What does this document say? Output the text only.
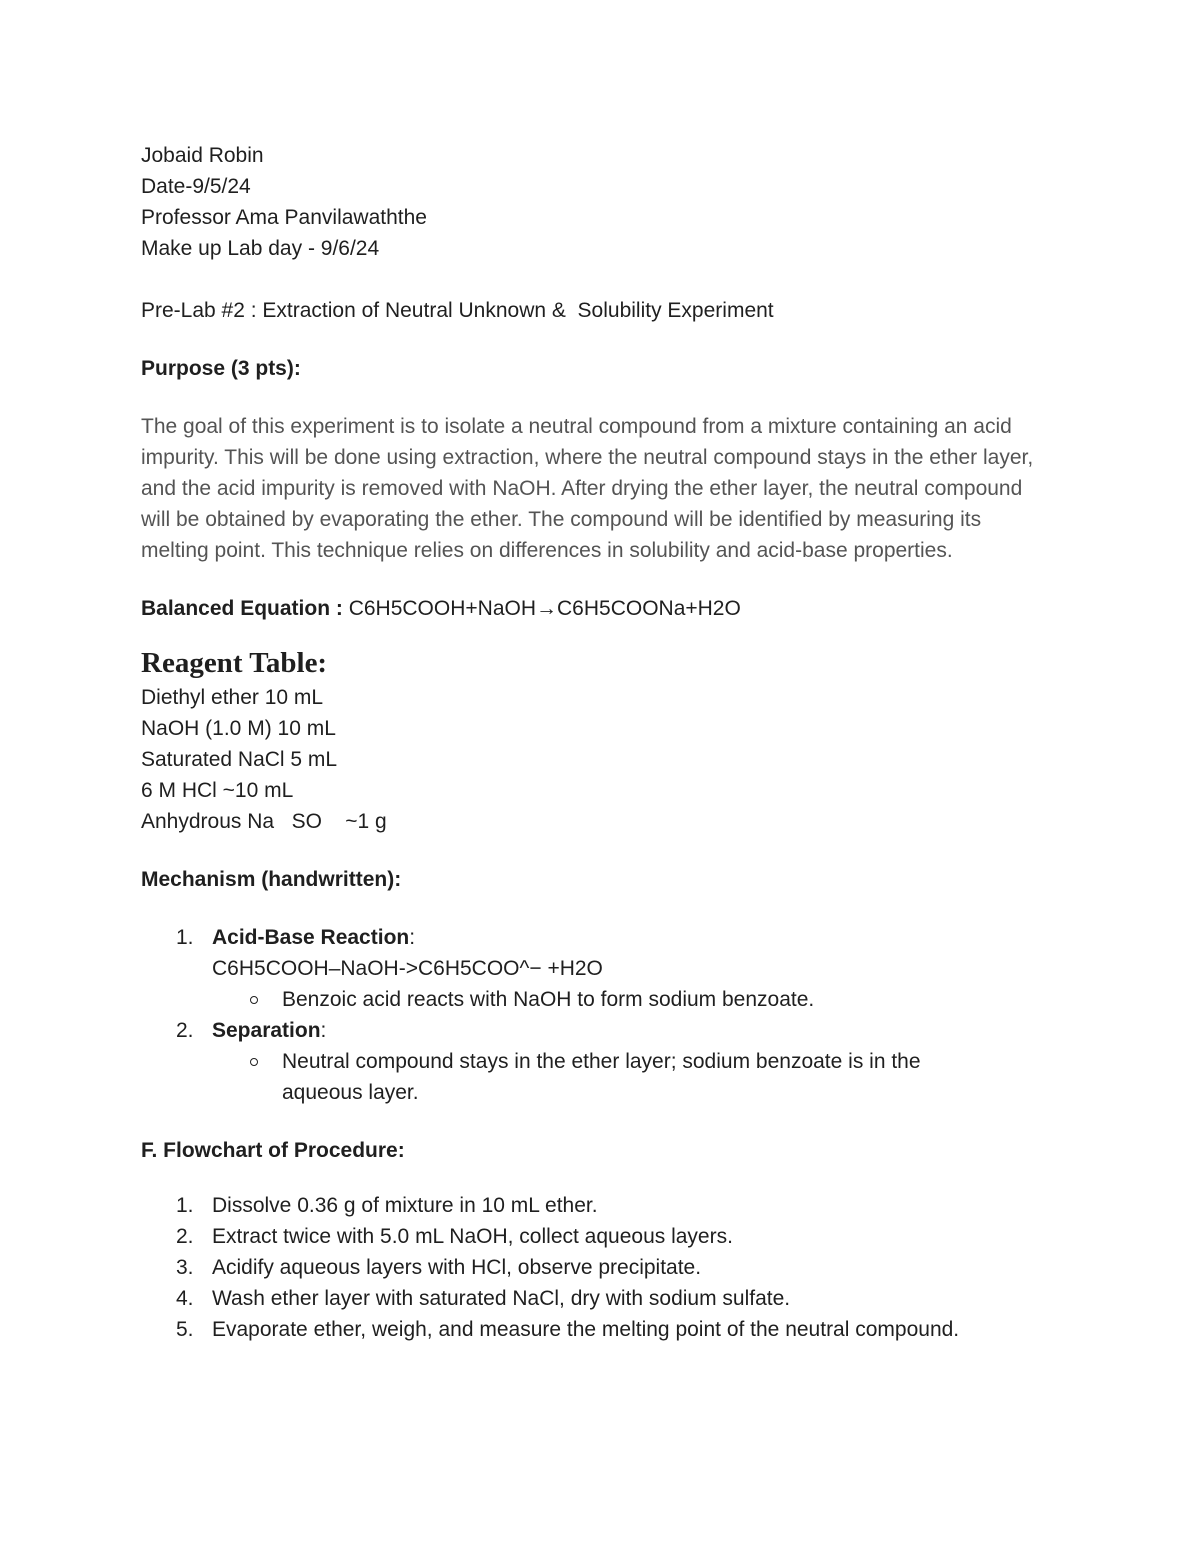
Jobaid Robin
Date-9/5/24
Professor Ama Panvilawaththe
Make up Lab day - 9/6/24
Pre-Lab #2 : Extraction of Neutral Unknown &  Solubility Experiment
Purpose (3 pts):
The goal of this experiment is to isolate a neutral compound from a mixture containing an acid impurity. This will be done using extraction, where the neutral compound stays in the ether layer, and the acid impurity is removed with NaOH. After drying the ether layer, the neutral compound will be obtained by evaporating the ether. The compound will be identified by measuring its melting point. This technique relies on differences in solubility and acid-base properties.
Balanced Equation : C6H5COOH+NaOH→C6H5COONa+H2O
Reagent Table:
Diethyl ether 10 mL
NaOH (1.0 M) 10 mL
Saturated NaCl 5 mL
6 M HCl ~10 mL
Anhydrous Na   SO    ~1 g
Mechanism (handwritten):
1. Acid-Base Reaction:
C6H5COOH–NaOH->C6H5COO^− +H2O
Benzoic acid reacts with NaOH to form sodium benzoate.
2. Separation:
Neutral compound stays in the ether layer; sodium benzoate is in the
aqueous layer.
F. Flowchart of Procedure:
1. Dissolve 0.36 g of mixture in 10 mL ether.
2. Extract twice with 5.0 mL NaOH, collect aqueous layers.
3. Acidify aqueous layers with HCl, observe precipitate.
4. Wash ether layer with saturated NaCl, dry with sodium sulfate.
5. Evaporate ether, weigh, and measure the melting point of the neutral compound.
